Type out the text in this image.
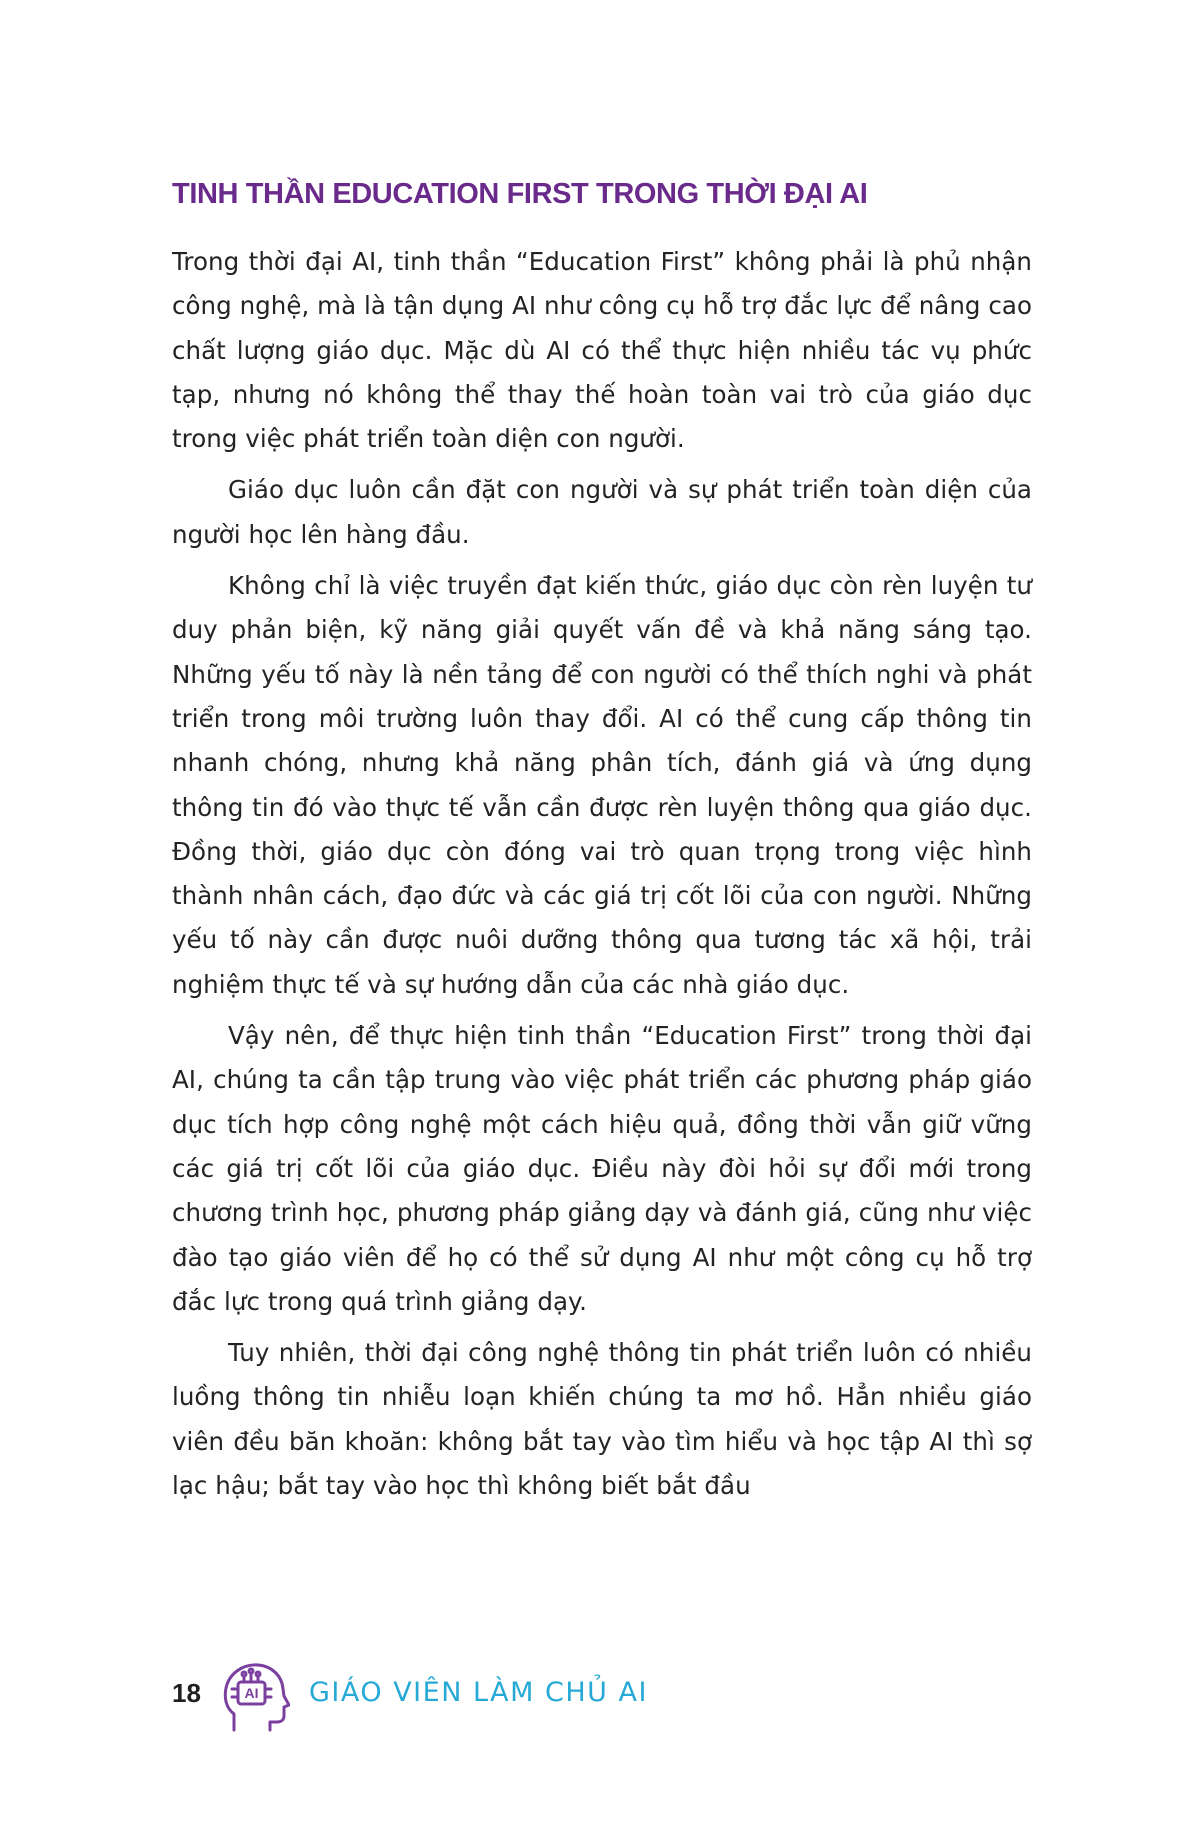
TINH THẦN EDUCATION FIRST TRONG THỜI ĐẠI AI

Trong thời đại AI, tinh thần “Education First” không phải là phủ nhận công nghệ, mà là tận dụng AI như công cụ hỗ trợ đắc lực để nâng cao chất lượng giáo dục. Mặc dù AI có thể thực hiện nhiều tác vụ phức tạp, nhưng nó không thể thay thế hoàn toàn vai trò của giáo dục trong việc phát triển toàn diện con người.

Giáo dục luôn cần đặt con người và sự phát triển toàn diện của người học lên hàng đầu.

Không chỉ là việc truyền đạt kiến thức, giáo dục còn rèn luyện tư duy phản biện, kỹ năng giải quyết vấn đề và khả năng sáng tạo. Những yếu tố này là nền tảng để con người có thể thích nghi và phát triển trong môi trường luôn thay đổi. AI có thể cung cấp thông tin nhanh chóng, nhưng khả năng phân tích, đánh giá và ứng dụng thông tin đó vào thực tế vẫn cần được rèn luyện thông qua giáo dục. Đồng thời, giáo dục còn đóng vai trò quan trọng trong việc hình thành nhân cách, đạo đức và các giá trị cốt lõi của con người. Những yếu tố này cần được nuôi dưỡng thông qua tương tác xã hội, trải nghiệm thực tế và sự hướng dẫn của các nhà giáo dục.

Vậy nên, để thực hiện tinh thần “Education First” trong thời đại AI, chúng ta cần tập trung vào việc phát triển các phương pháp giáo dục tích hợp công nghệ một cách hiệu quả, đồng thời vẫn giữ vững các giá trị cốt lõi của giáo dục. Điều này đòi hỏi sự đổi mới trong chương trình học, phương pháp giảng dạy và đánh giá, cũng như việc đào tạo giáo viên để họ có thể sử dụng AI như một công cụ hỗ trợ đắc lực trong quá trình giảng dạy.

Tuy nhiên, thời đại công nghệ thông tin phát triển luôn có nhiều luồng thông tin nhiễu loạn khiến chúng ta mơ hồ. Hẳn nhiều giáo viên đều băn khoăn: không bắt tay vào tìm hiểu và học tập AI thì sợ lạc hậu; bắt tay vào học thì không biết bắt đầu

18	AI GIÁO VIÊN LÀM CHỦ AI
